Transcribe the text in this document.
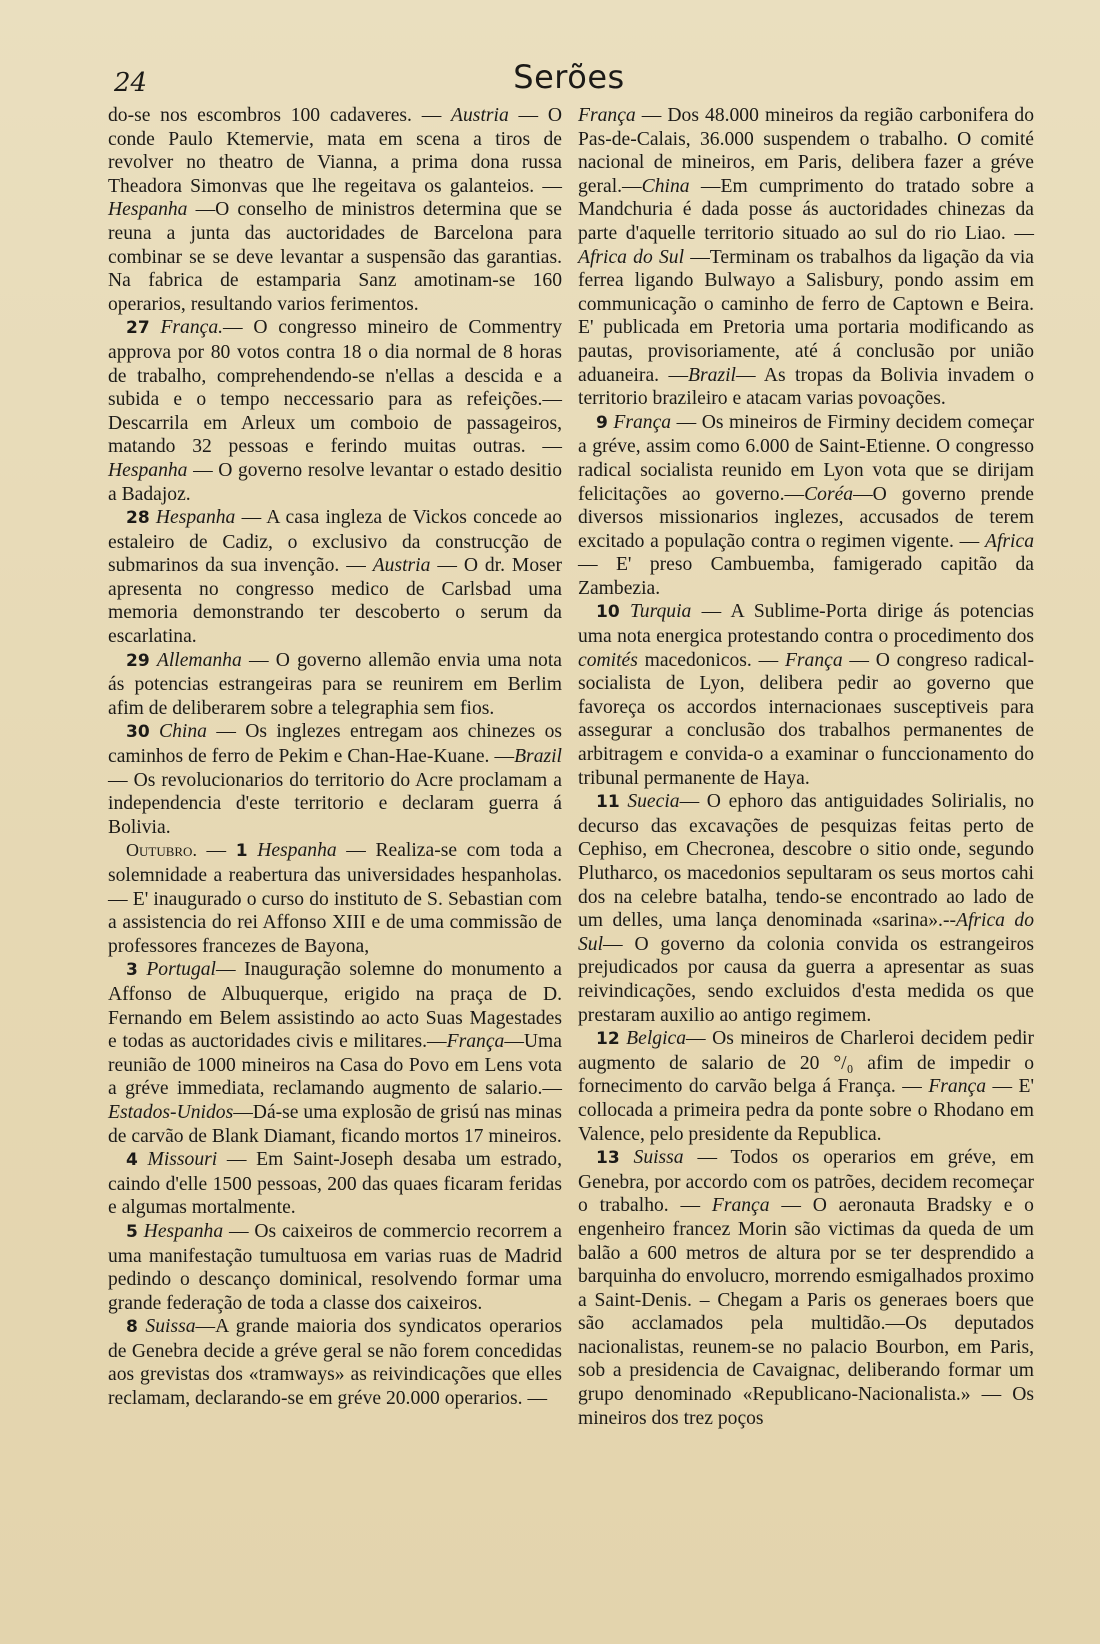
24	Serões

do-se nos escombros 100 cadaveres. — Austria — O conde Paulo Ktemervie, mata em scena a tiros de revolver no theatro de Vianna, a prima dona russa Theadora Simonvas que lhe regeitava os galanteios. — Hespanha —O conselho de ministros determina que se reuna a junta das auctoridades de Barcelona para combinar se se deve levantar a suspensão das garantias. Na fabrica de estamparia Sanz amotinam-se 160 operarios, resultando varios ferimentos.

27 França.— O congresso mineiro de Commentry approva por 80 votos contra 18 o dia normal de 8 horas de trabalho, comprehendendo-se n'ellas a descida e a subida e o tempo neccessario para as refeições.— Descarrila em Arleux um comboio de passageiros, matando 32 pessoas e ferindo muitas outras. — Hespanha — O governo resolve levantar o estado desitio a Badajoz.

28 Hespanha — A casa ingleza de Vickos concede ao estaleiro de Cadiz, o exclusivo da construcção de submarinos da sua invenção. — Austria — O dr. Moser apresenta no congresso medico de Carlsbad uma memoria demonstrando ter descoberto o serum da escarlatina.

29 Allemanha — O governo allemão envia uma nota ás potencias estrangeiras para se reunirem em Berlim afim de deliberarem sobre a telegraphia sem fios.

30 China — Os inglezes entregam aos chinezes os caminhos de ferro de Pekim e Chan-Hae-Kuane. —Brazil— Os revolucionarios do territorio do Acre proclamam a independencia d'este territorio e declaram guerra á Bolivia.

Outubro. — 1 Hespanha — Realiza-se com toda a solemnidade a reabertura das universidades hespanholas.— E' inaugurado o curso do instituto de S. Sebastian com a assistencia do rei Affonso XIII e de uma commissão de professores francezes de Bayona,

3 Portugal— Inauguração solemne do monumento a Affonso de Albuquerque, erigido na praça de D. Fernando em Belem assistindo ao acto Suas Magestades e todas as auctoridades civis e militares.—França—Uma reunião de 1000 mineiros na Casa do Povo em Lens vota a gréve immediata, reclamando augmento de salario.—Estados-Unidos—Dá-se uma explosão de grisú nas minas de carvão de Blank Diamant, ficando mortos 17 mineiros.

4 Missouri — Em Saint-Joseph desaba um estrado, caindo d'elle 1500 pessoas, 200 das quaes ficaram feridas e algumas mortalmente.

5 Hespanha — Os caixeiros de commercio recorrem a uma manifestação tumultuosa em varias ruas de Madrid pedindo o descanço dominical, resolvendo formar uma grande federação de toda a classe dos caixeiros.

8 Suissa—A grande maioria dos syndicatos operarios de Genebra decide a gréve geral se não forem concedidas aos grevistas dos «tramways» as reivindicações que elles reclamam, declarando-se em gréve 20.000 operarios. —

França — Dos 48.000 mineiros da região carbonifera do Pas-de-Calais, 36.000 suspendem o trabalho. O comité nacional de mineiros, em Paris, delibera fazer a gréve geral.—China —Em cumprimento do tratado sobre a Mandchuria é dada posse ás auctoridades chinezas da parte d'aquelle territorio situado ao sul do rio Liao. — Africa do Sul —Terminam os trabalhos da ligação da via ferrea ligando Bulwayo a Salisbury, pondo assim em communicação o caminho de ferro de Captown e Beira. E' publicada em Pretoria uma portaria modificando as pautas, provisoriamente, até á conclusão por união aduaneira. —Brazil— As tropas da Bolivia invadem o territorio brazileiro e atacam varias povoações.

9 França — Os mineiros de Firminy decidem começar a gréve, assim como 6.000 de Saint-Etienne. O congresso radical socialista reunido em Lyon vota que se dirijam felicitações ao governo.—Coréa—O governo prende diversos missionarios inglezes, accusados de terem excitado a população contra o regimen vigente. — Africa — E' preso Cambuemba, famigerado capitão da Zambezia.

10 Turquia — A Sublime-Porta dirige ás potencias uma nota energica protestando contra o procedimento dos comités macedonicos. — França — O congreso radical-socialista de Lyon, delibera pedir ao governo que favoreça os accordos internacionaes susceptiveis para assegurar a conclusão dos trabalhos permanentes de arbitragem e convida-o a examinar o funccionamento do tribunal permanente de Haya.

11 Suecia— O ephoro das antiguidades Solirialis, no decurso das excavações de pesquizas feitas perto de Cephiso, em Checronea, descobre o sitio onde, segundo Plutharco, os macedonios sepultaram os seus mortos cahi dos na celebre batalha, tendo-se encontrado ao lado de um delles, uma lança denominada «sarina».--Africa do Sul— O governo da colonia convida os estrangeiros prejudicados por causa da guerra a apresentar as suas reivindicações, sendo excluidos d'esta medida os que prestaram auxilio ao antigo regimem.

12 Belgica— Os mineiros de Charleroi decidem pedir augmento de salario de 20 °/₀ afim de impedir o fornecimento do carvão belga á França. — França — E' collocada a primeira pedra da ponte sobre o Rhodano em Valence, pelo presidente da Republica.

13 Suissa — Todos os operarios em gréve, em Genebra, por accordo com os patrões, decidem recomeçar o trabalho. — França — O aeronauta Bradsky e o engenheiro francez Morin são victimas da queda de um balão a 600 metros de altura por se ter desprendido a barquinha do envolucro, morrendo esmigalhados proximo a Saint-Denis. – Chegam a Paris os generaes boers que são acclamados pela multidão.—Os deputados nacionalistas, reunem-se no palacio Bourbon, em Paris, sob a presidencia de Cavaignac, deliberando formar um grupo denominado «Republicano-Nacionalista.» — Os mineiros dos trez poços
